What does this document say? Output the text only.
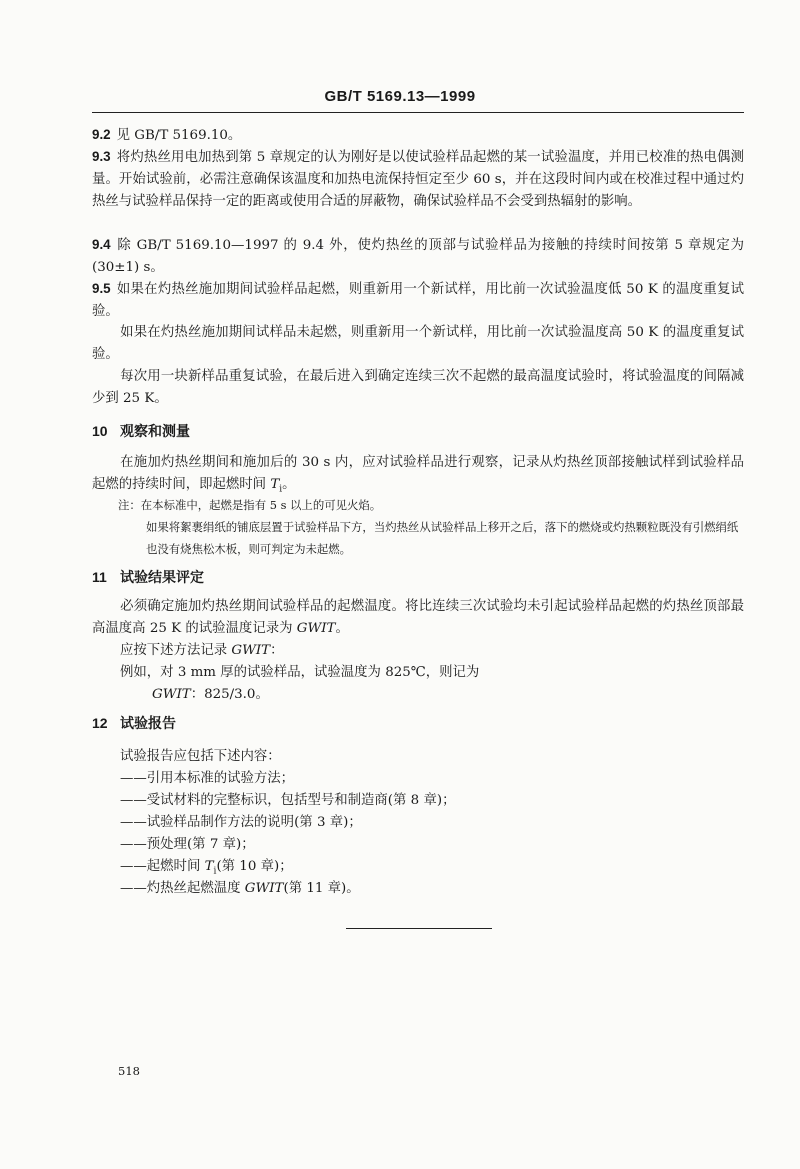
GB/T 5169.13—1999
9.2 见 GB/T 5169.10。
9.3 将灼热丝用电加热到第 5 章规定的认为刚好是以使试验样品起燃的某一试验温度，并用已校准的热电偶测量。开始试验前，必需注意确保该温度和加热电流保持恒定至少 60 s，并在这段时间内或在校准过程中通过灼热丝与试验样品保持一定的距离或使用合适的屏蔽物，确保试验样品不会受到热辐射的影响。
9.4 除 GB/T 5169.10—1997 的 9.4 外，使灼热丝的顶部与试验样品为接触的持续时间按第 5 章规定为(30±1) s。
9.5 如果在灼热丝施加期间试验样品起燃，则重新用一个新试样，用比前一次试验温度低 50 K 的温度重复试验。
如果在灼热丝施加期间试样品未起燃，则重新用一个新试样，用比前一次试验温度高 50 K 的温度重复试验。
每次用一块新样品重复试验，在最后进入到确定连续三次不起燃的最高温度试验时，将试验温度的间隔减少到 25 K。
10 观察和测量
在施加灼热丝期间和施加后的 30 s 内，应对试验样品进行观察，记录从灼热丝顶部接触试样到试验样品起燃的持续时间，即起燃时间 $T_i$。
注：在本标准中，起燃是指有 5 s 以上的可见火焰。
如果将絮裹绢纸的铺底层置于试验样品下方，当灼热丝从试验样品上移开之后，落下的燃烧或灼热颗粒既没有引燃绢纸也没有烧焦松木板，则可判定为未起燃。
11 试验结果评定
必须确定施加灼热丝期间试验样品的起燃温度。将比连续三次试验均未引起试验样品起燃的灼热丝顶部最高温度高 25 K 的试验温度记录为 GWIT。
应按下述方法记录 GWIT：
例如，对 3 mm 厚的试验样品，试验温度为 825℃，则记为
GWIT：825/3.0。
12 试验报告
试验报告应包括下述内容：
——引用本标准的试验方法；
——受试材料的完整标识，包括型号和制造商(第 8 章)；
——试验样品制作方法的说明(第 3 章)；
——预处理(第 7 章)；
——起燃时间 $T_i$(第 10 章)；
——灼热丝起燃温度 GWIT(第 11 章)。
518
